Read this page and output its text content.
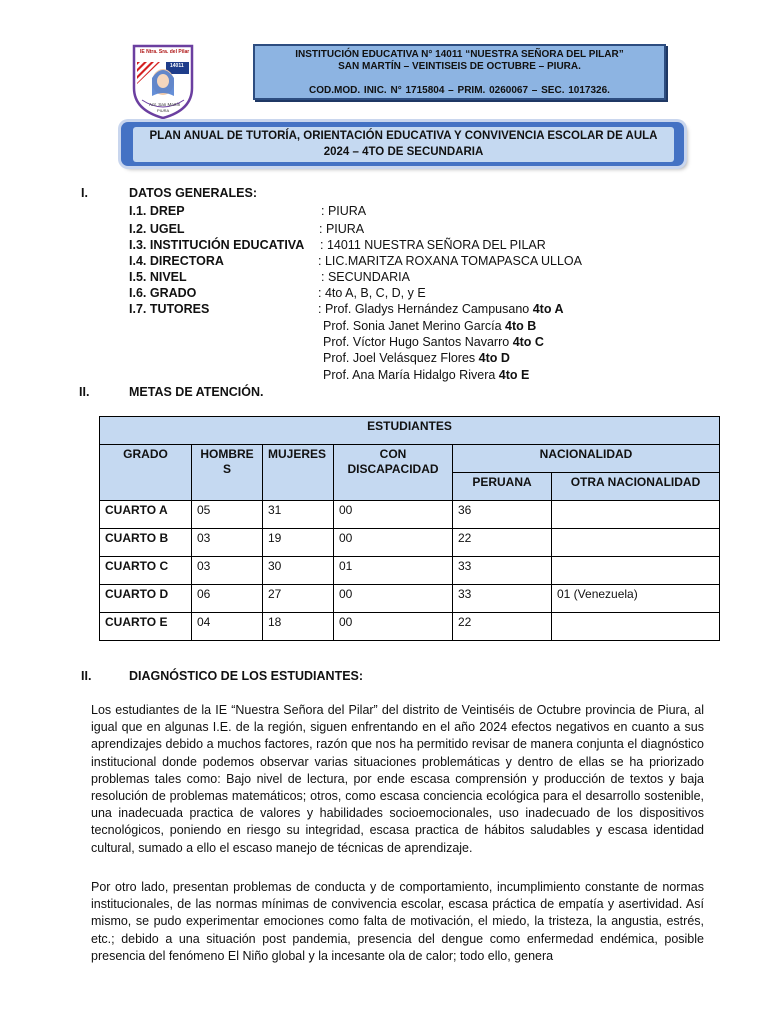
IE Ntra. Sra. del Pilar
14011
Ant. San Martín
PIURA
INSTITUCIÓN EDUCATIVA N° 14011 “NUESTRA SEÑORA DEL PILAR”
SAN MARTÍN – VEINTISEIS DE OCTUBRE – PIURA.
COD.MOD. INIC. N° 1715804 – PRIM. 0260067 – SEC. 1017326.
PLAN ANUAL DE TUTORÍA, ORIENTACIÓN EDUCATIVA Y CONVIVENCIA ESCOLAR DE AULA
2024 – 4TO DE SECUNDARIA
I.	DATOS GENERALES:
I.1. DREP	: PIURA
I.2. UGEL	: PIURA
I.3. INSTITUCIÓN EDUCATIVA : 14011 NUESTRA SEÑORA DEL PILAR
I.4. DIRECTORA	: LIC.MARITZA ROXANA TOMAPASCA ULLOA
I.5. NIVEL	: SECUNDARIA
I.6. GRADO	: 4to A, B, C, D, y E
I.7. TUTORES	: Prof. Gladys Hernández Campusano 4to A
Prof. Sonia Janet Merino García 4to B
Prof. Víctor Hugo Santos Navarro 4to C
Prof. Joel Velásquez Flores 4to D
Prof. Ana María Hidalgo Rivera 4to E
II.	METAS DE ATENCIÓN.
ESTUDIANTES					
GRADO	HOMBRE S	MUJERES	CON DISCAPACIDAD	NACIONALIDAD	
				PERUANA	OTRA NACIONALIDAD
CUARTO A	05	31	00	36	
CUARTO B	03	19	00	22	
CUARTO C	03	30	01	33	
CUARTO D	06	27	00	33	01 (Venezuela)
CUARTO E	04	18	00	22	
II.	DIAGNÓSTICO DE LOS ESTUDIANTES:
Los estudiantes de la IE “Nuestra Señora del Pilar” del distrito de Veintiséis de Octubre provincia de Piura, al igual que en algunas I.E. de la región, siguen enfrentando en el año 2024 efectos negativos en cuanto a sus aprendizajes debido a muchos factores, razón que nos ha permitido revisar de manera conjunta el diagnóstico institucional donde podemos observar varias situaciones problemáticas y dentro de ellas se ha priorizado problemas tales como: Bajo nivel de lectura, por ende escasa comprensión y producción de textos y baja resolución de problemas matemáticos; otros, como escasa conciencia ecológica para el desarrollo sostenible, una inadecuada practica de valores y habilidades socioemocionales, uso inadecuado de los dispositivos tecnológicos, poniendo en riesgo su integridad, escasa practica de hábitos saludables y escasa identidad cultural, sumado a ello el escaso manejo de técnicas de aprendizaje.
Por otro lado, presentan problemas de conducta y de comportamiento, incumplimiento constante de normas institucionales, de las normas mínimas de convivencia escolar, escasa práctica de empatía y asertividad. Así mismo, se pudo experimentar emociones como falta de motivación, el miedo, la tristeza, la angustia, estrés, etc.; debido a una situación post pandemia, presencia del dengue como enfermedad endémica, posible presencia del fenómeno El Niño global y la incesante ola de calor; todo ello, genera
